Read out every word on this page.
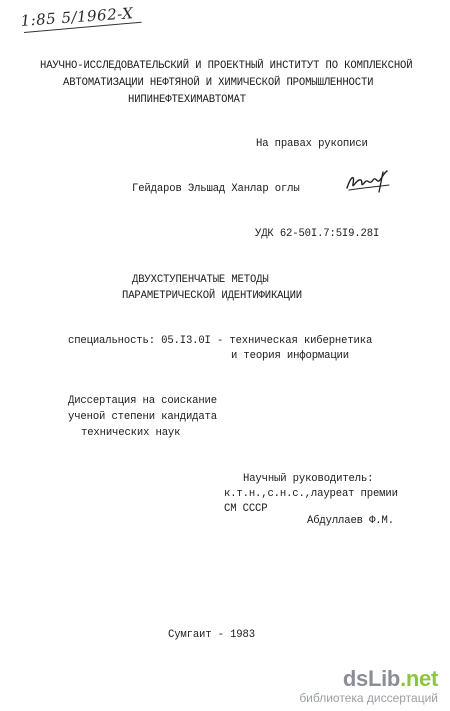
1:85 5/1962-X
НАУЧНО-ИССЛЕДОВАТЕЛЬСКИЙ И ПРОЕКТНЫЙ ИНСТИТУТ ПО КОМПЛЕКСНОЙ
АВТОМАТИЗАЦИИ НЕФТЯНОЙ И ХИМИЧЕСКОЙ ПРОМЫШЛЕННОСТИ
НИПИНЕФТЕХИМАВТОМАТ
На правах рукописи
Гейдаров Эльшад Ханлар оглы
УДК 62-50I.7:5I9.28I
ДВУХСТУПЕНЧАТЫЕ МЕТОДЫ
ПАРАМЕТРИЧЕСКОЙ ИДЕНТИФИКАЦИИ
специальность: 05.I3.0I - техническая кибернетика
и теория информации
Диссертация на соискание
ученой степени кандидата
технических наук
Научный руководитель:
к.т.н.,с.н.с.,лауреат премии
СМ СССР
Абдуллаев Ф.М.
Сумгаит - 1983
dsLib.net
библиотека диссертаций
